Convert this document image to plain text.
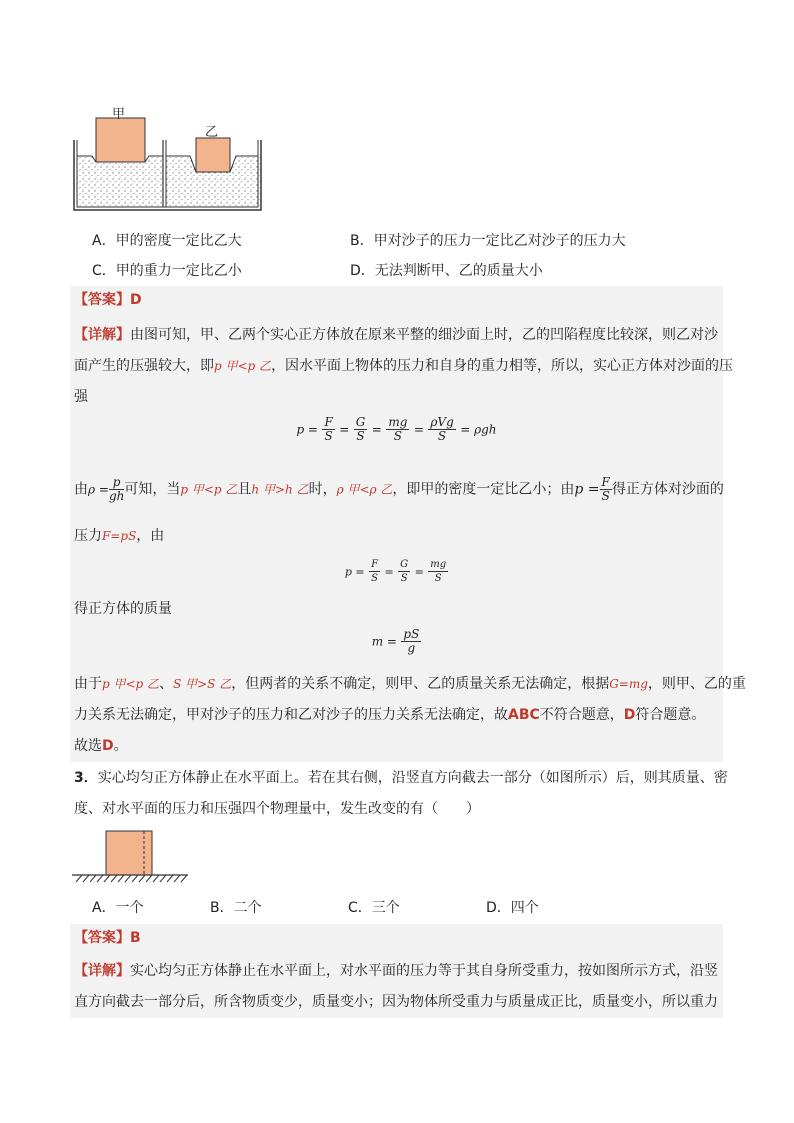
甲
乙
A．甲的密度一定比乙大	B．甲对沙子的压力一定比乙对沙子的压力大
C．甲的重力一定比乙小	D．无法判断甲、乙的质量大小
【答案】D
【详解】由图可知，甲、乙两个实心正方体放在原来平整的细沙面上时，乙的凹陷程度比较深，则乙对沙
面产生的压强较大，即p 甲<p 乙，因水平面上物体的压力和自身的重力相等，所以，实心正方体对沙面的压
强
$p = \frac{F}{S} = \frac{G}{S} = \frac{mg}{S} = \frac{\text{ρVg}}{S} = \rho gh$
由$\rho = \frac{p}{gh}$ 可知，当p 甲<p 乙且h 甲>h 乙时，ρ 甲<ρ 乙，即甲的密度一定比乙小；由$p = \frac{F}{S}$ 得正方体对沙面的
压力F=pS，由
$p = \frac{F}{S} = \frac{G}{S} = \frac{mg}{S}$
得正方体的质量
$m = \frac{pS}{g}$
由于p 甲<p 乙、S 甲>S 乙，但两者的关系不确定，则甲、乙的质量关系无法确定，根据G=mg，则甲、乙的重
力关系无法确定，甲对沙子的压力和乙对沙子的压力关系无法确定，故ABC不符合题意，D符合题意。
故选D。
3．实心均匀正方体静止在水平面上。若在其右侧，沿竖直方向截去一部分（如图所示）后，则其质量、密
度、对水平面的压力和压强四个物理量中，发生改变的有（　　）
A．一个	B．二个	C．三个	D．四个
【答案】B
【详解】实心均匀正方体静止在水平面上，对水平面的压力等于其自身所受重力，按如图所示方式，沿竖
直方向截去一部分后，所含物质变少，质量变小；因为物体所受重力与质量成正比，质量变小，所以重力
